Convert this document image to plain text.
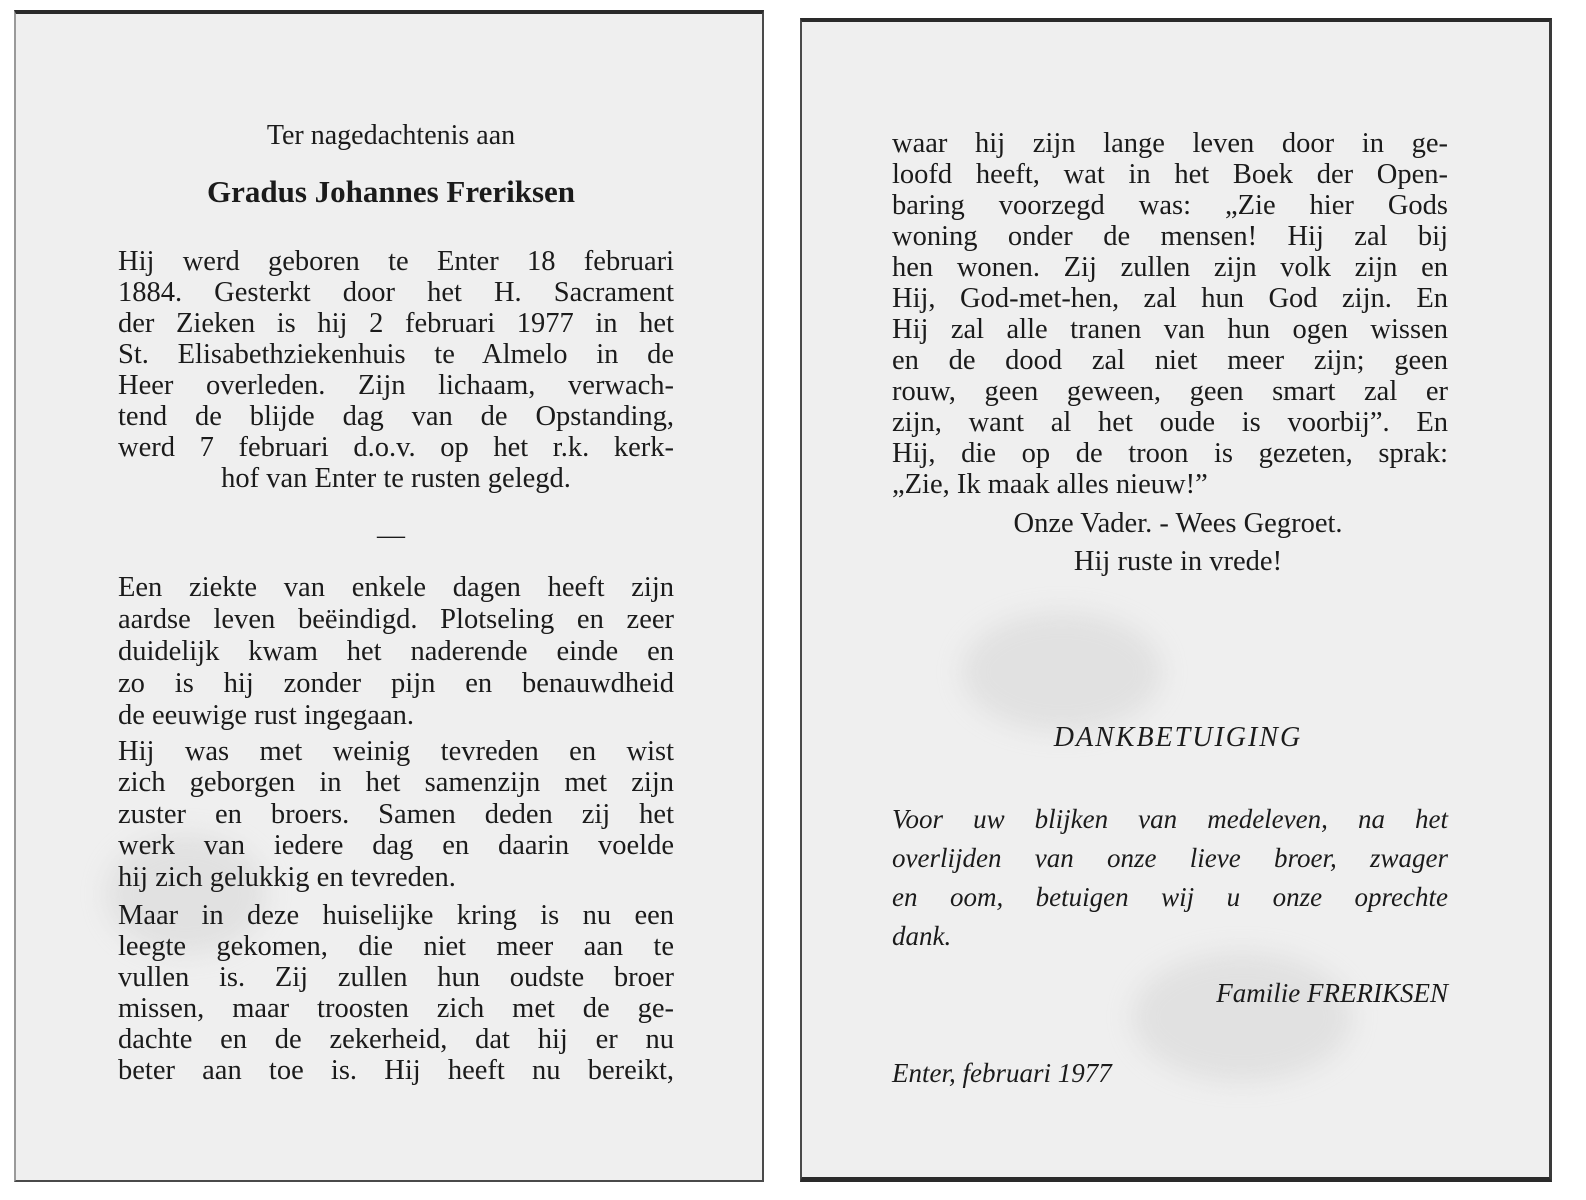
Ter nagedachtenis aan
Gradus Johannes Freriksen
Hij werd geboren te Enter 18 februari
1884. Gesterkt door het H. Sacrament
der Zieken is hij 2 februari 1977 in het
St. Elisabethziekenhuis te Almelo in de
Heer overleden. Zijn lichaam, verwach-
tend de blijde dag van de Opstanding,
werd 7 februari d.o.v. op het r.k. kerk-
hof van Enter te rusten gelegd.
—
Een ziekte van enkele dagen heeft zijn
aardse leven beëindigd. Plotseling en zeer
duidelijk kwam het naderende einde en
zo is hij zonder pijn en benauwdheid
de eeuwige rust ingegaan.
Hij was met weinig tevreden en wist
zich geborgen in het samenzijn met zijn
zuster en broers. Samen deden zij het
werk van iedere dag en daarin voelde
hij zich gelukkig en tevreden.
Maar in deze huiselijke kring is nu een
leegte gekomen, die niet meer aan te
vullen is. Zij zullen hun oudste broer
missen, maar troosten zich met de ge-
dachte en de zekerheid, dat hij er nu
beter aan toe is. Hij heeft nu bereikt,
waar hij zijn lange leven door in ge-
loofd heeft, wat in het Boek der Open-
baring voorzegd was: „Zie hier Gods
woning onder de mensen! Hij zal bij
hen wonen. Zij zullen zijn volk zijn en
Hij, God-met-hen, zal hun God zijn. En
Hij zal alle tranen van hun ogen wissen
en de dood zal niet meer zijn; geen
rouw, geen geween, geen smart zal er
zijn, want al het oude is voorbij”. En
Hij, die op de troon is gezeten, sprak:
„Zie, Ik maak alles nieuw!”
Onze Vader. - Wees Gegroet.
Hij ruste in vrede!
DANKBETUIGING
Voor uw blijken van medeleven, na het
overlijden van onze lieve broer, zwager
en oom, betuigen wij u onze oprechte
dank.
Familie FRERIKSEN
Enter, februari 1977
